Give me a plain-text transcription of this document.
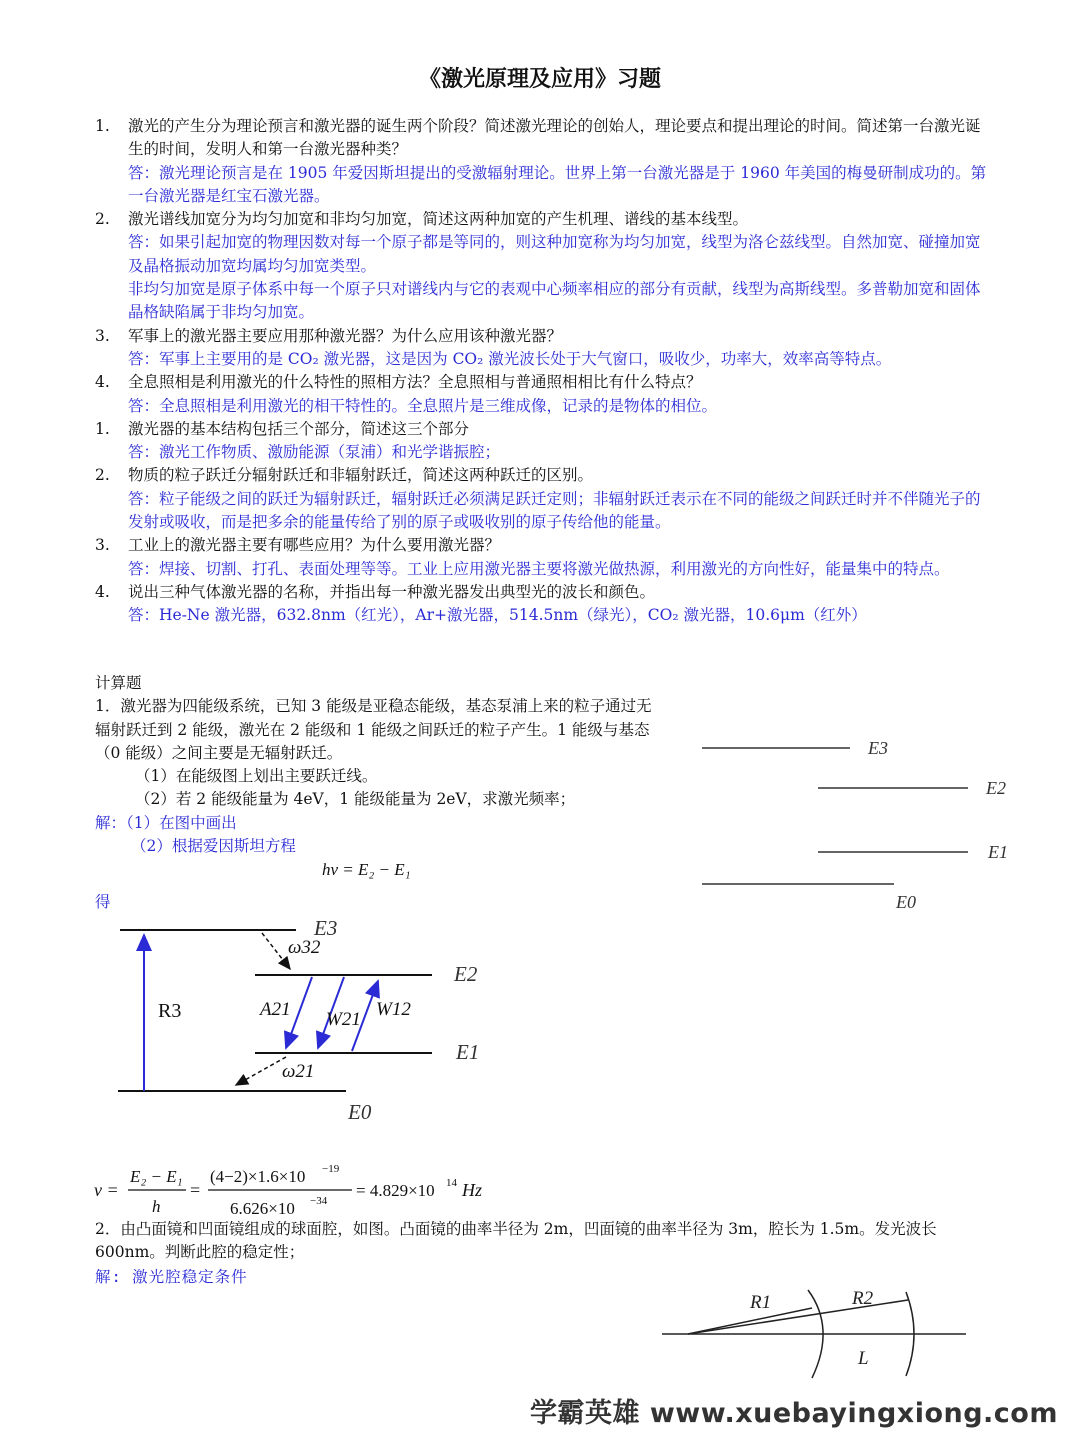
《激光原理及应用》习题
1.	激光的产生分为理论预言和激光器的诞生两个阶段？简述激光理论的创始人，理论要点和提出理论的时间。简述第一台激光诞生的时间，发明人和第一台激光器种类？
答：激光理论预言是在 1905 年爱因斯坦提出的受激辐射理论。世界上第一台激光器是于 1960 年美国的梅曼研制成功的。第一台激光器是红宝石激光器。
2.	激光谱线加宽分为均匀加宽和非均匀加宽，简述这两种加宽的产生机理、谱线的基本线型。
答：如果引起加宽的物理因数对每一个原子都是等同的，则这种加宽称为均匀加宽，线型为洛仑兹线型。自然加宽、碰撞加宽及晶格振动加宽均属均匀加宽类型。
非均匀加宽是原子体系中每一个原子只对谱线内与它的表观中心频率相应的部分有贡献，线型为高斯线型。多普勒加宽和固体晶格缺陷属于非均匀加宽。
3.	军事上的激光器主要应用那种激光器？为什么应用该种激光器？
答：军事上主要用的是 CO₂ 激光器，这是因为 CO₂ 激光波长处于大气窗口，吸收少，功率大，效率高等特点。
4.	全息照相是利用激光的什么特性的照相方法？全息照相与普通照相相比有什么特点？
答：全息照相是利用激光的相干特性的。全息照片是三维成像，记录的是物体的相位。
1.	激光器的基本结构包括三个部分，简述这三个部分
答：激光工作物质、激励能源（泵浦）和光学谐振腔；
2.	物质的粒子跃迁分辐射跃迁和非辐射跃迁，简述这两种跃迁的区别。
答：粒子能级之间的跃迁为辐射跃迁，辐射跃迁必须满足跃迁定则；非辐射跃迁表示在不同的能级之间跃迁时并不伴随光子的发射或吸收，而是把多余的能量传给了别的原子或吸收别的原子传给他的能量。
3.	工业上的激光器主要有哪些应用？为什么要用激光器？
答：焊接、切割、打孔、表面处理等等。工业上应用激光器主要将激光做热源，利用激光的方向性好，能量集中的特点。
4.	说出三种气体激光器的名称，并指出每一种激光器发出典型光的波长和颜色。
答：He-Ne 激光器，632.8nm（红光），Ar+激光器，514.5nm（绿光），CO₂ 激光器，10.6μm（红外）
计算题
1．激光器为四能级系统，已知 3 能级是亚稳态能级，基态泵浦上来的粒子通过无辐射跃迁到 2 能级，激光在 2 能级和 1 能级之间跃迁的粒子产生。1 能级与基态（0 能级）之间主要是无辐射跃迁。
（1）在能级图上划出主要跃迁线。
（2）若 2 能级能量为 4eV，1 能级能量为 2eV，求激光频率；
解：（1）在图中画出
（2）根据爱因斯坦方程
hν = E₂ − E₁
得
E3
E2
E1
E0
E3
E2
E1
E0
R3
ω32
A21 W21 W12
ω21
ν =
E₂ − E₁
h
=
(4−2)×1.6×10 −19
6.626×10 −34
= 4.829×10 14 Hz
2．由凸面镜和凹面镜组成的球面腔，如图。凸面镜的曲率半径为 2m，凹面镜的曲率半径为 3m，腔长为 1.5m。发光波长 600nm。判断此腔的稳定性；
解: 激光腔稳定条件
R1	R2
L
学霸英雄 www.xuebayingxiong.com
